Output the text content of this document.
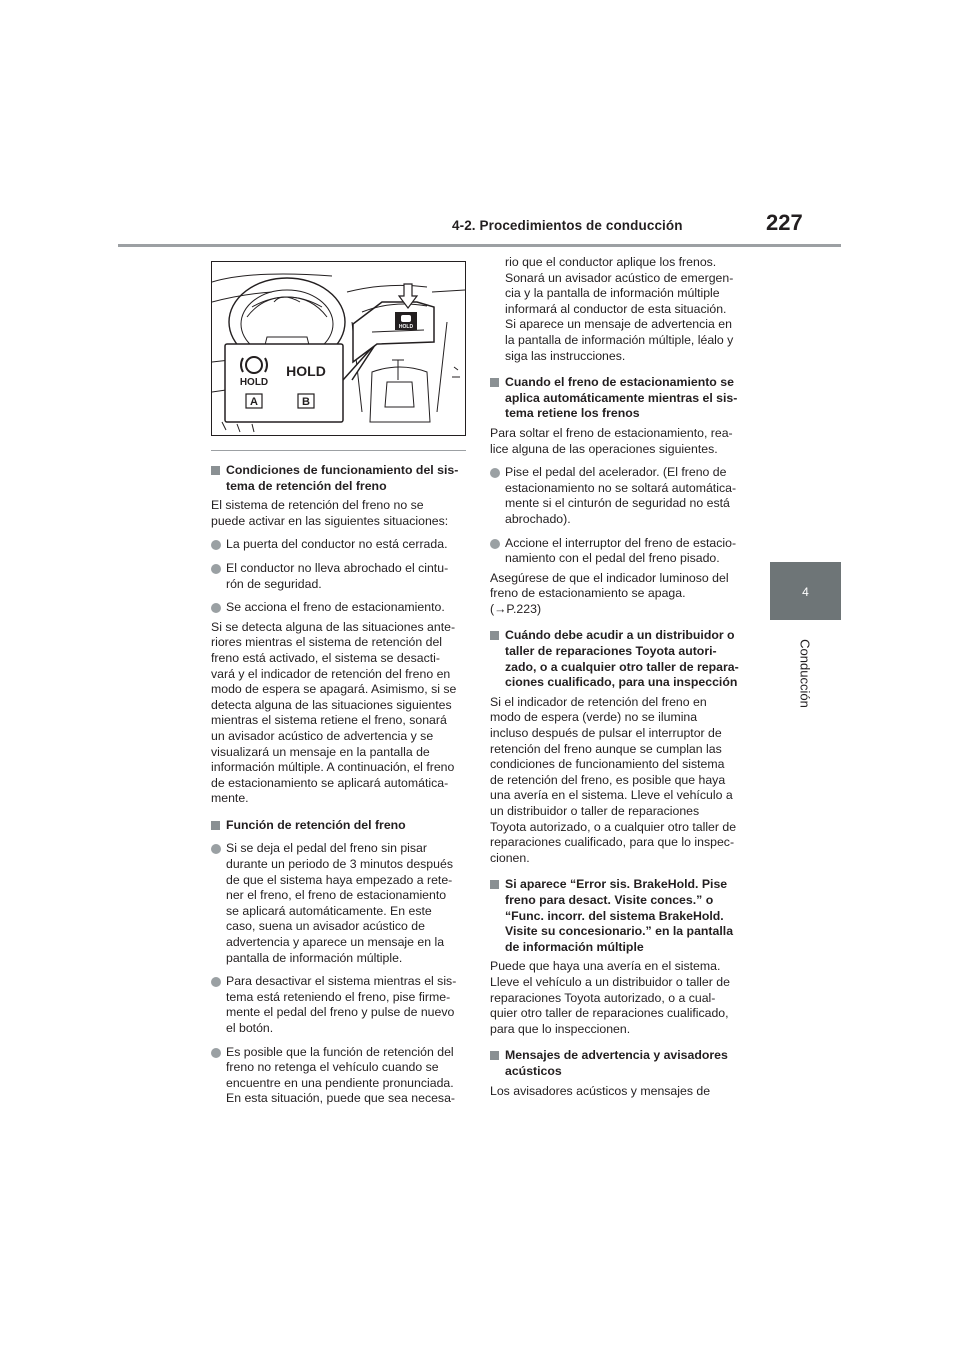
4-2. Procedimientos de conducción	227
4
Conducción
HOLD
HOLD
HOLD
A	B
Condiciones de funcionamiento del sis-
tema de retención del freno
El sistema de retención del freno no se
puede activar en las siguientes situaciones:
La puerta del conductor no está cerrada.
El conductor no lleva abrochado el cintu-
rón de seguridad.
Se acciona el freno de estacionamiento.
Si se detecta alguna de las situaciones ante-
riores mientras el sistema de retención del
freno está activado, el sistema se desacti-
vará y el indicador de retención del freno en
modo de espera se apagará. Asimismo, si se
detecta alguna de las situaciones siguientes
mientras el sistema retiene el freno, sonará
un avisador acústico de advertencia y se
visualizará un mensaje en la pantalla de
información múltiple. A continuación, el freno
de estacionamiento se aplicará automática-
mente.
Función de retención del freno
Si se deja el pedal del freno sin pisar
durante un periodo de 3 minutos después
de que el sistema haya empezado a rete-
ner el freno, el freno de estacionamiento
se aplicará automáticamente. En este
caso, suena un avisador acústico de
advertencia y aparece un mensaje en la
pantalla de información múltiple.
Para desactivar el sistema mientras el sis-
tema está reteniendo el freno, pise firme-
mente el pedal del freno y pulse de nuevo
el botón.
Es posible que la función de retención del
freno no retenga el vehículo cuando se
encuentre en una pendiente pronunciada.
En esta situación, puede que sea necesa-
rio que el conductor aplique los frenos.
Sonará un avisador acústico de emergen-
cia y la pantalla de información múltiple
informará al conductor de esta situación.
Si aparece un mensaje de advertencia en
la pantalla de información múltiple, léalo y
siga las instrucciones.
Cuando el freno de estacionamiento se
aplica automáticamente mientras el sis-
tema retiene los frenos
Para soltar el freno de estacionamiento, rea-
lice alguna de las operaciones siguientes.
Pise el pedal del acelerador. (El freno de
estacionamiento no se soltará automática-
mente si el cinturón de seguridad no está
abrochado).
Accione el interruptor del freno de estacio-
namiento con el pedal del freno pisado.
Asegúrese de que el indicador luminoso del
freno de estacionamiento se apaga.
(→P.223)
Cuándo debe acudir a un distribuidor o
taller de reparaciones Toyota autori-
zado, o a cualquier otro taller de repara-
ciones cualificado, para una inspección
Si el indicador de retención del freno en
modo de espera (verde) no se ilumina
incluso después de pulsar el interruptor de
retención del freno aunque se cumplan las
condiciones de funcionamiento del sistema
de retención del freno, es posible que haya
una avería en el sistema. Lleve el vehículo a
un distribuidor o taller de reparaciones
Toyota autorizado, o a cualquier otro taller de
reparaciones cualificado, para que lo inspec-
cionen.
Si aparece “Error sis. BrakeHold. Pise
freno para desact. Visite conces.” o
“Func. incorr. del sistema BrakeHold.
Visite su concesionario.” en la pantalla
de información múltiple
Puede que haya una avería en el sistema.
Lleve el vehículo a un distribuidor o taller de
reparaciones Toyota autorizado, o a cual-
quier otro taller de reparaciones cualificado,
para que lo inspeccionen.
Mensajes de advertencia y avisadores
acústicos
Los avisadores acústicos y mensajes de
